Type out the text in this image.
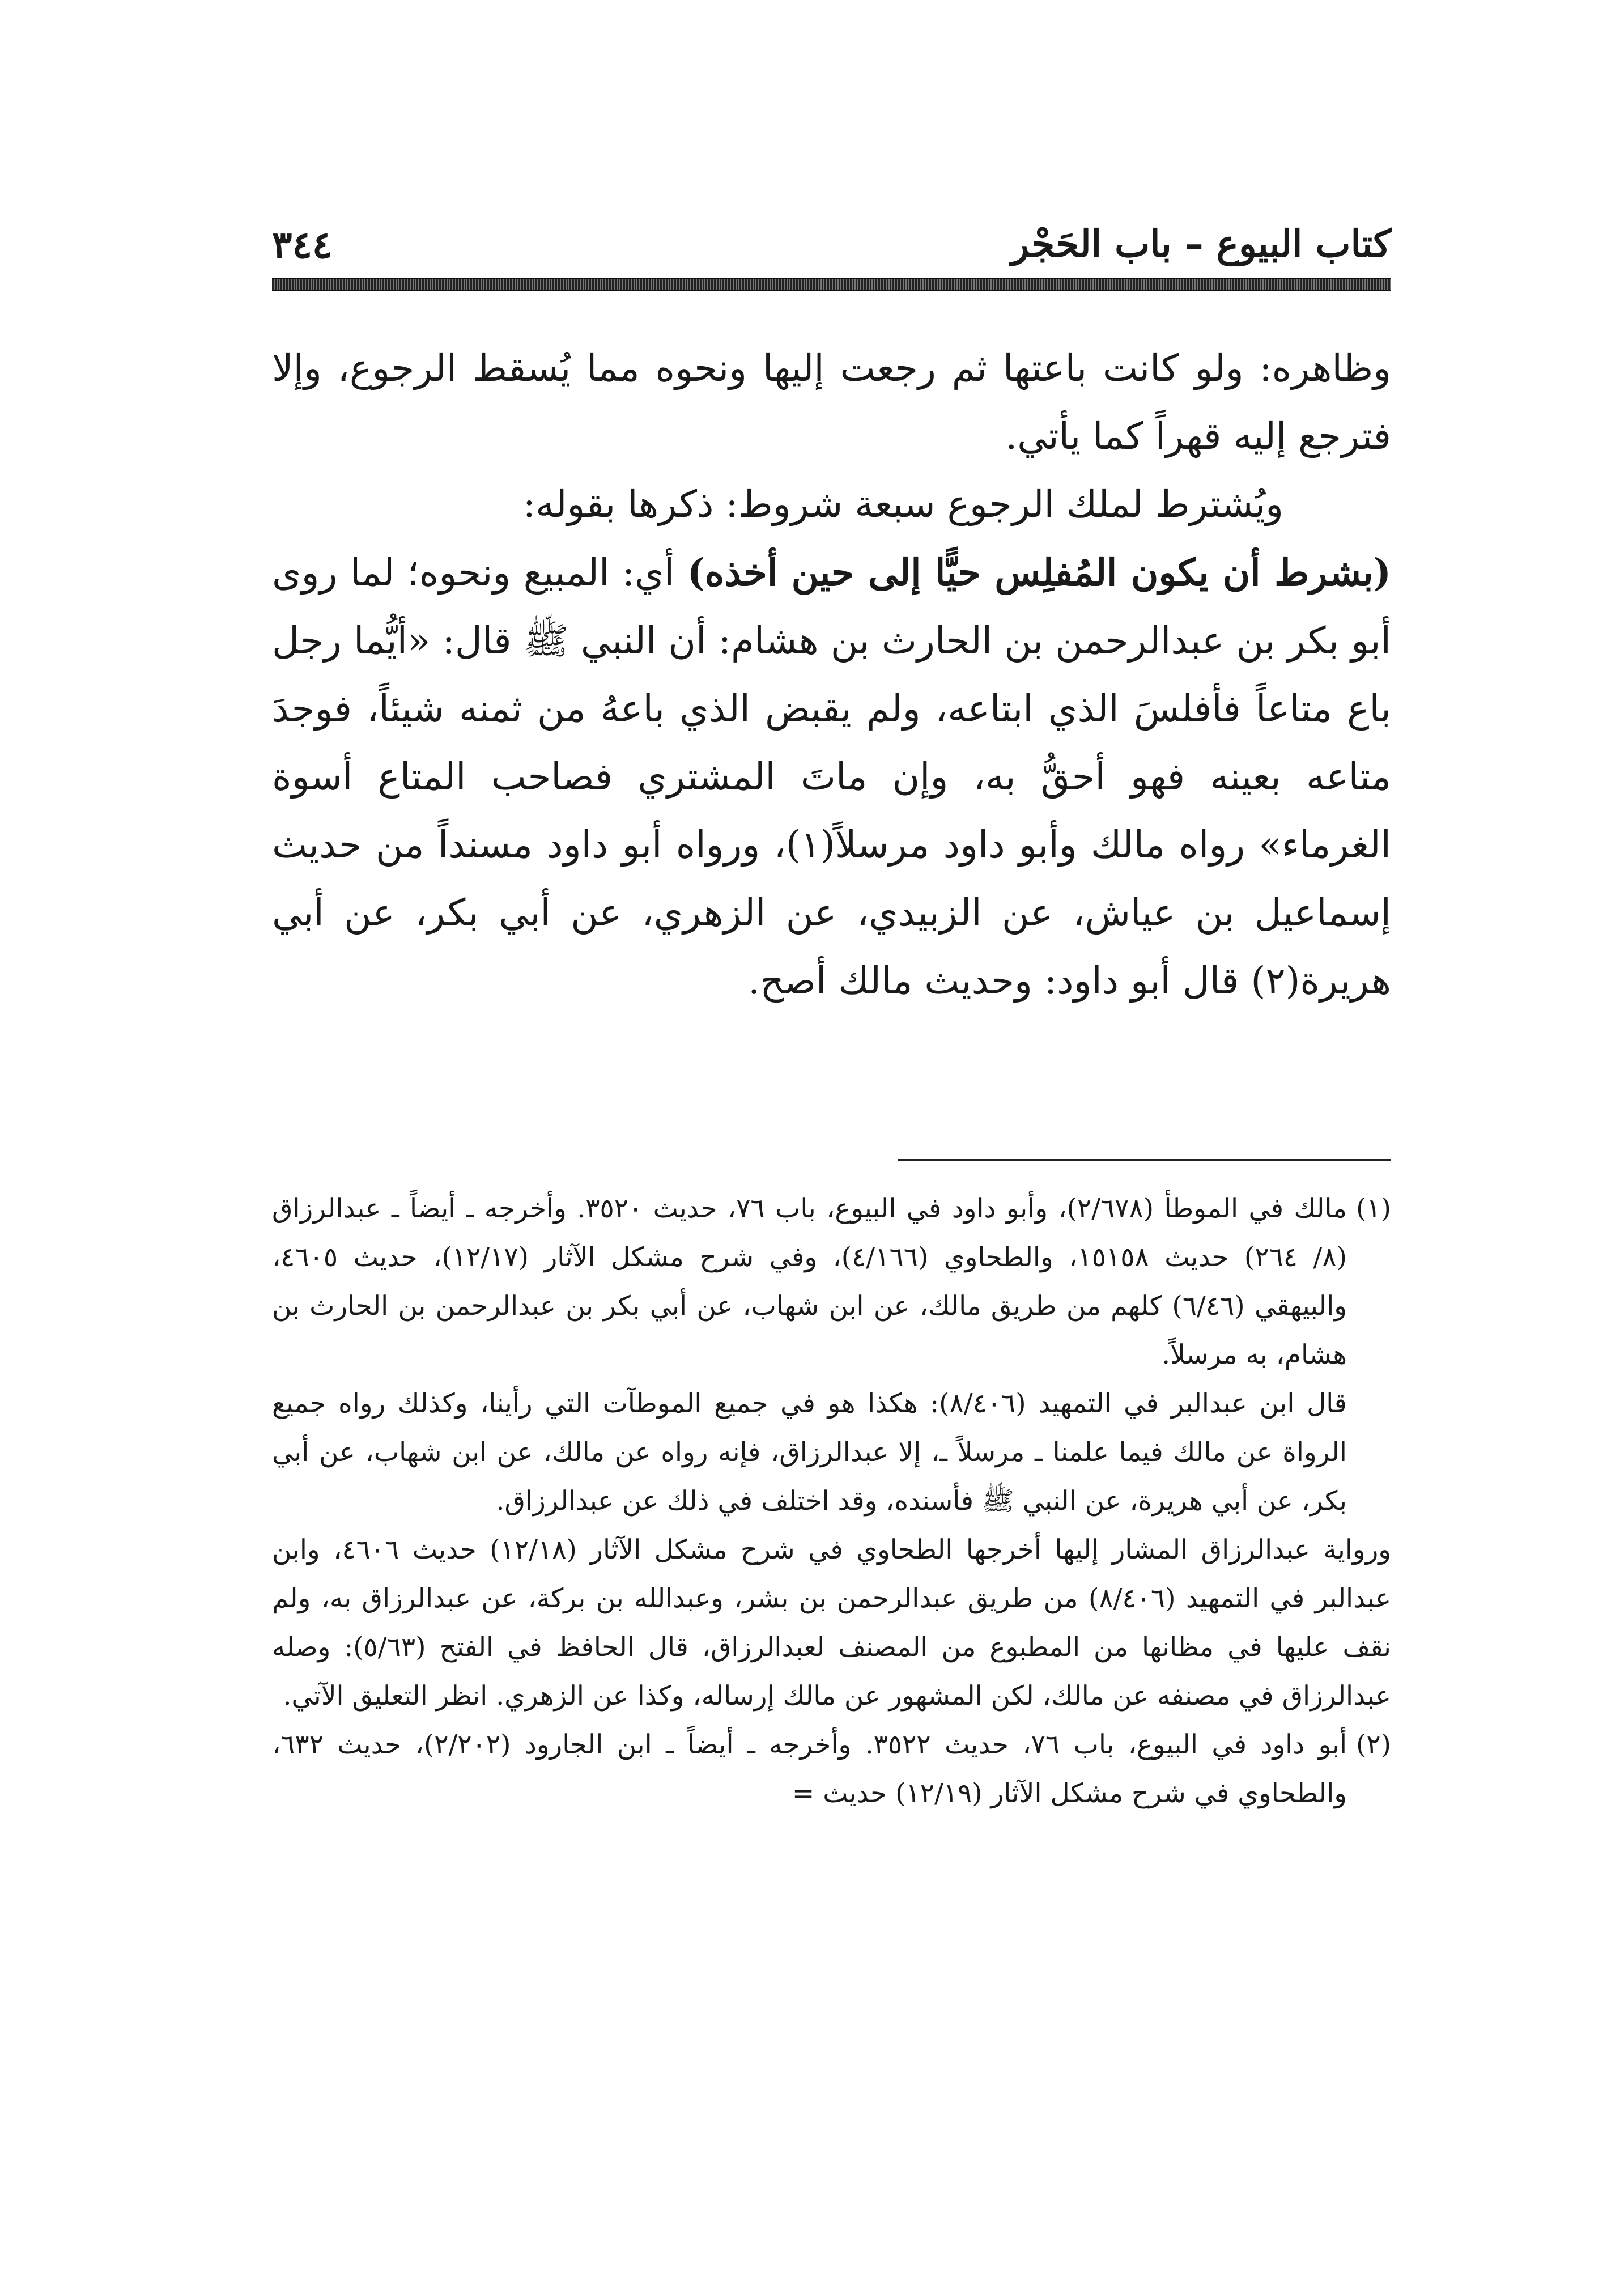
كتاب البيوع – باب الحَجْر
٣٤٤

وظاهره: ولو كانت باعتها ثم رجعت إليها ونحوه مما يُسقط الرجوع، وإلا فترجع إليه قهراً كما يأتي.

ويُشترط لملك الرجوع سبعة شروط: ذكرها بقوله:

(بشرط أن يكون المُفلِس حيًّا إلى حين أخذه) أي: المبيع ونحوه؛ لما روى أبو بكر بن عبدالرحمن بن الحارث بن هشام: أن النبي ﷺ قال: «أيُّما رجل باع متاعاً فأفلسَ الذي ابتاعه، ولم يقبض الذي باعهُ من ثمنه شيئاً، فوجدَ متاعه بعينه فهو أحقُّ به، وإن ماتَ المشتري فصاحب المتاع أسوة الغرماء» رواه مالك وأبو داود مرسلاً(١)، ورواه أبو داود مسنداً من حديث إسماعيل بن عياش، عن الزبيدي، عن الزهري، عن أبي بكر، عن أبي هريرة(٢) قال أبو داود: وحديث مالك أصح.

(١)

مالك في الموطأ (٢/٦٧٨)، وأبو داود في البيوع، باب ٧٦، حديث ٣٥٢٠. وأخرجه ـ أيضاً ـ عبدالرزاق (٨/ ٢٦٤) حديث ١٥١٥٨، والطحاوي (٤/١٦٦)، وفي شرح مشكل الآثار (١٢/١٧)، حديث ٤٦٠٥، والبيهقي (٦/٤٦) كلهم من طريق مالك، عن ابن شهاب، عن أبي بكر بن عبدالرحمن بن الحارث بن هشام، به مرسلاً.

قال ابن عبدالبر في التمهيد (٨/٤٠٦): هكذا هو في جميع الموطآت التي رأينا، وكذلك رواه جميع الرواة عن مالك فيما علمنا ـ مرسلاً ـ، إلا عبدالرزاق، فإنه رواه عن مالك، عن ابن شهاب، عن أبي بكر، عن أبي هريرة، عن النبي ﷺ فأسنده، وقد اختلف في ذلك عن عبدالرزاق.

ورواية عبدالرزاق المشار إليها أخرجها الطحاوي في شرح مشكل الآثار (١٢/١٨) حديث ٤٦٠٦، وابن عبدالبر في التمهيد (٨/٤٠٦) من طريق عبدالرحمن بن بشر، وعبدالله بن بركة، عن عبدالرزاق به، ولم نقف عليها في مظانها من المطبوع من المصنف لعبدالرزاق، قال الحافظ في الفتح (٥/٦٣): وصله عبدالرزاق في مصنفه عن مالك، لكن المشهور عن مالك إرساله، وكذا عن الزهري. انظر التعليق الآتي.

(٢)

أبو داود في البيوع، باب ٧٦، حديث ٣٥٢٢. وأخرجه ـ أيضاً ـ ابن الجارود (٢/٢٠٢)، حديث ٦٣٢، والطحاوي في شرح مشكل الآثار (١٢/١٩) حديث =
